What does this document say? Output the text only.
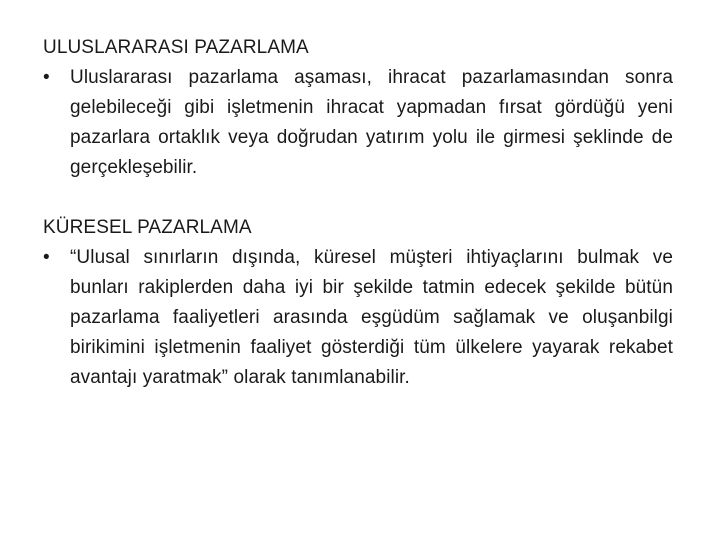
ULUSLARARASI PAZARLAMA

•	Uluslararası pazarlama aşaması, ihracat pazarlamasından sonra gelebileceği gibi işletmenin ihracat yapmadan fırsat gördüğü yeni pazarlara ortaklık veya doğrudan yatırım yolu ile girmesi şeklinde de gerçekleşebilir.

KÜRESEL PAZARLAMA

•	“Ulusal sınırların dışında, küresel müşteri ihtiyaçlarını bulmak ve bunları rakiplerden daha iyi bir şekilde tatmin edecek şekilde bütün pazarlama faaliyetleri arasında eşgüdüm sağlamak ve oluşanbilgi birikimini işletmenin faaliyet gösterdiği tüm ülkelere yayarak rekabet avantajı yaratmak” olarak tanımlanabilir.
